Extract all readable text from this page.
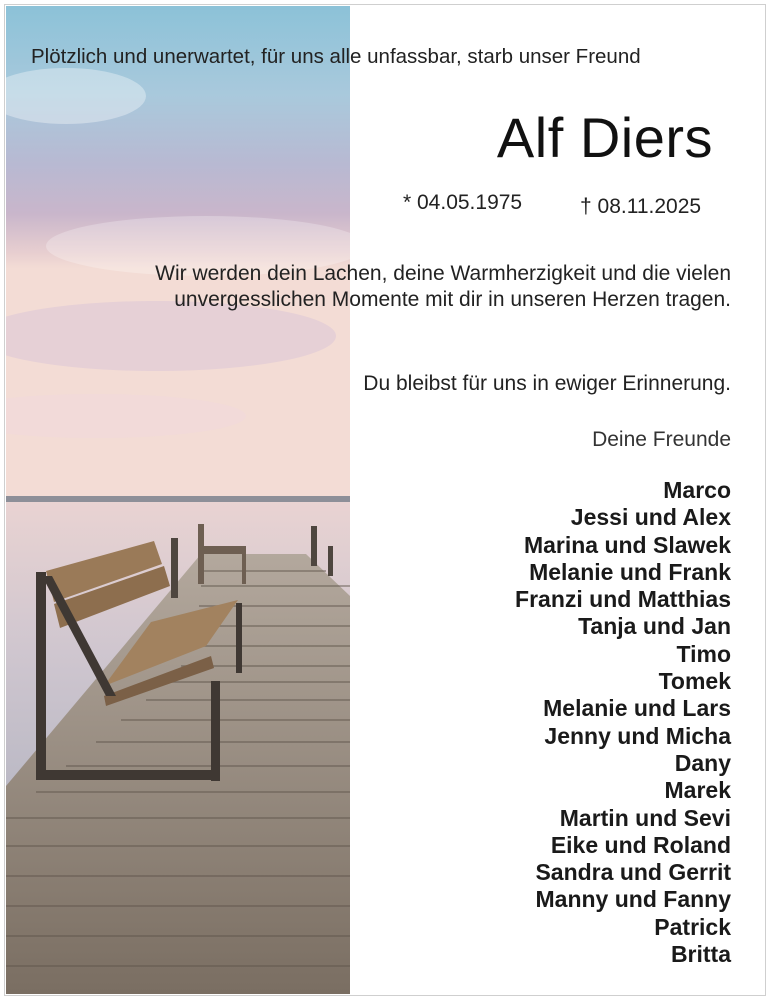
Plötzlich und unerwartet, für uns alle unfassbar, starb unser Freund
Alf Diers
* 04.05.1975	† 08.11.2025
Wir werden dein Lachen, deine Warmherzigkeit und die vielen
unvergesslichen Momente mit dir in unseren Herzen tragen.
Du bleibst für uns in ewiger Erinnerung.
Deine Freunde
Marco
Jessi und Alex
Marina und Slawek
Melanie und Frank
Franzi und Matthias
Tanja und Jan
Timo
Tomek
Melanie und Lars
Jenny und Micha
Dany
Marek
Martin und Sevi
Eike und Roland
Sandra und Gerrit
Manny und Fanny
Patrick
Britta
